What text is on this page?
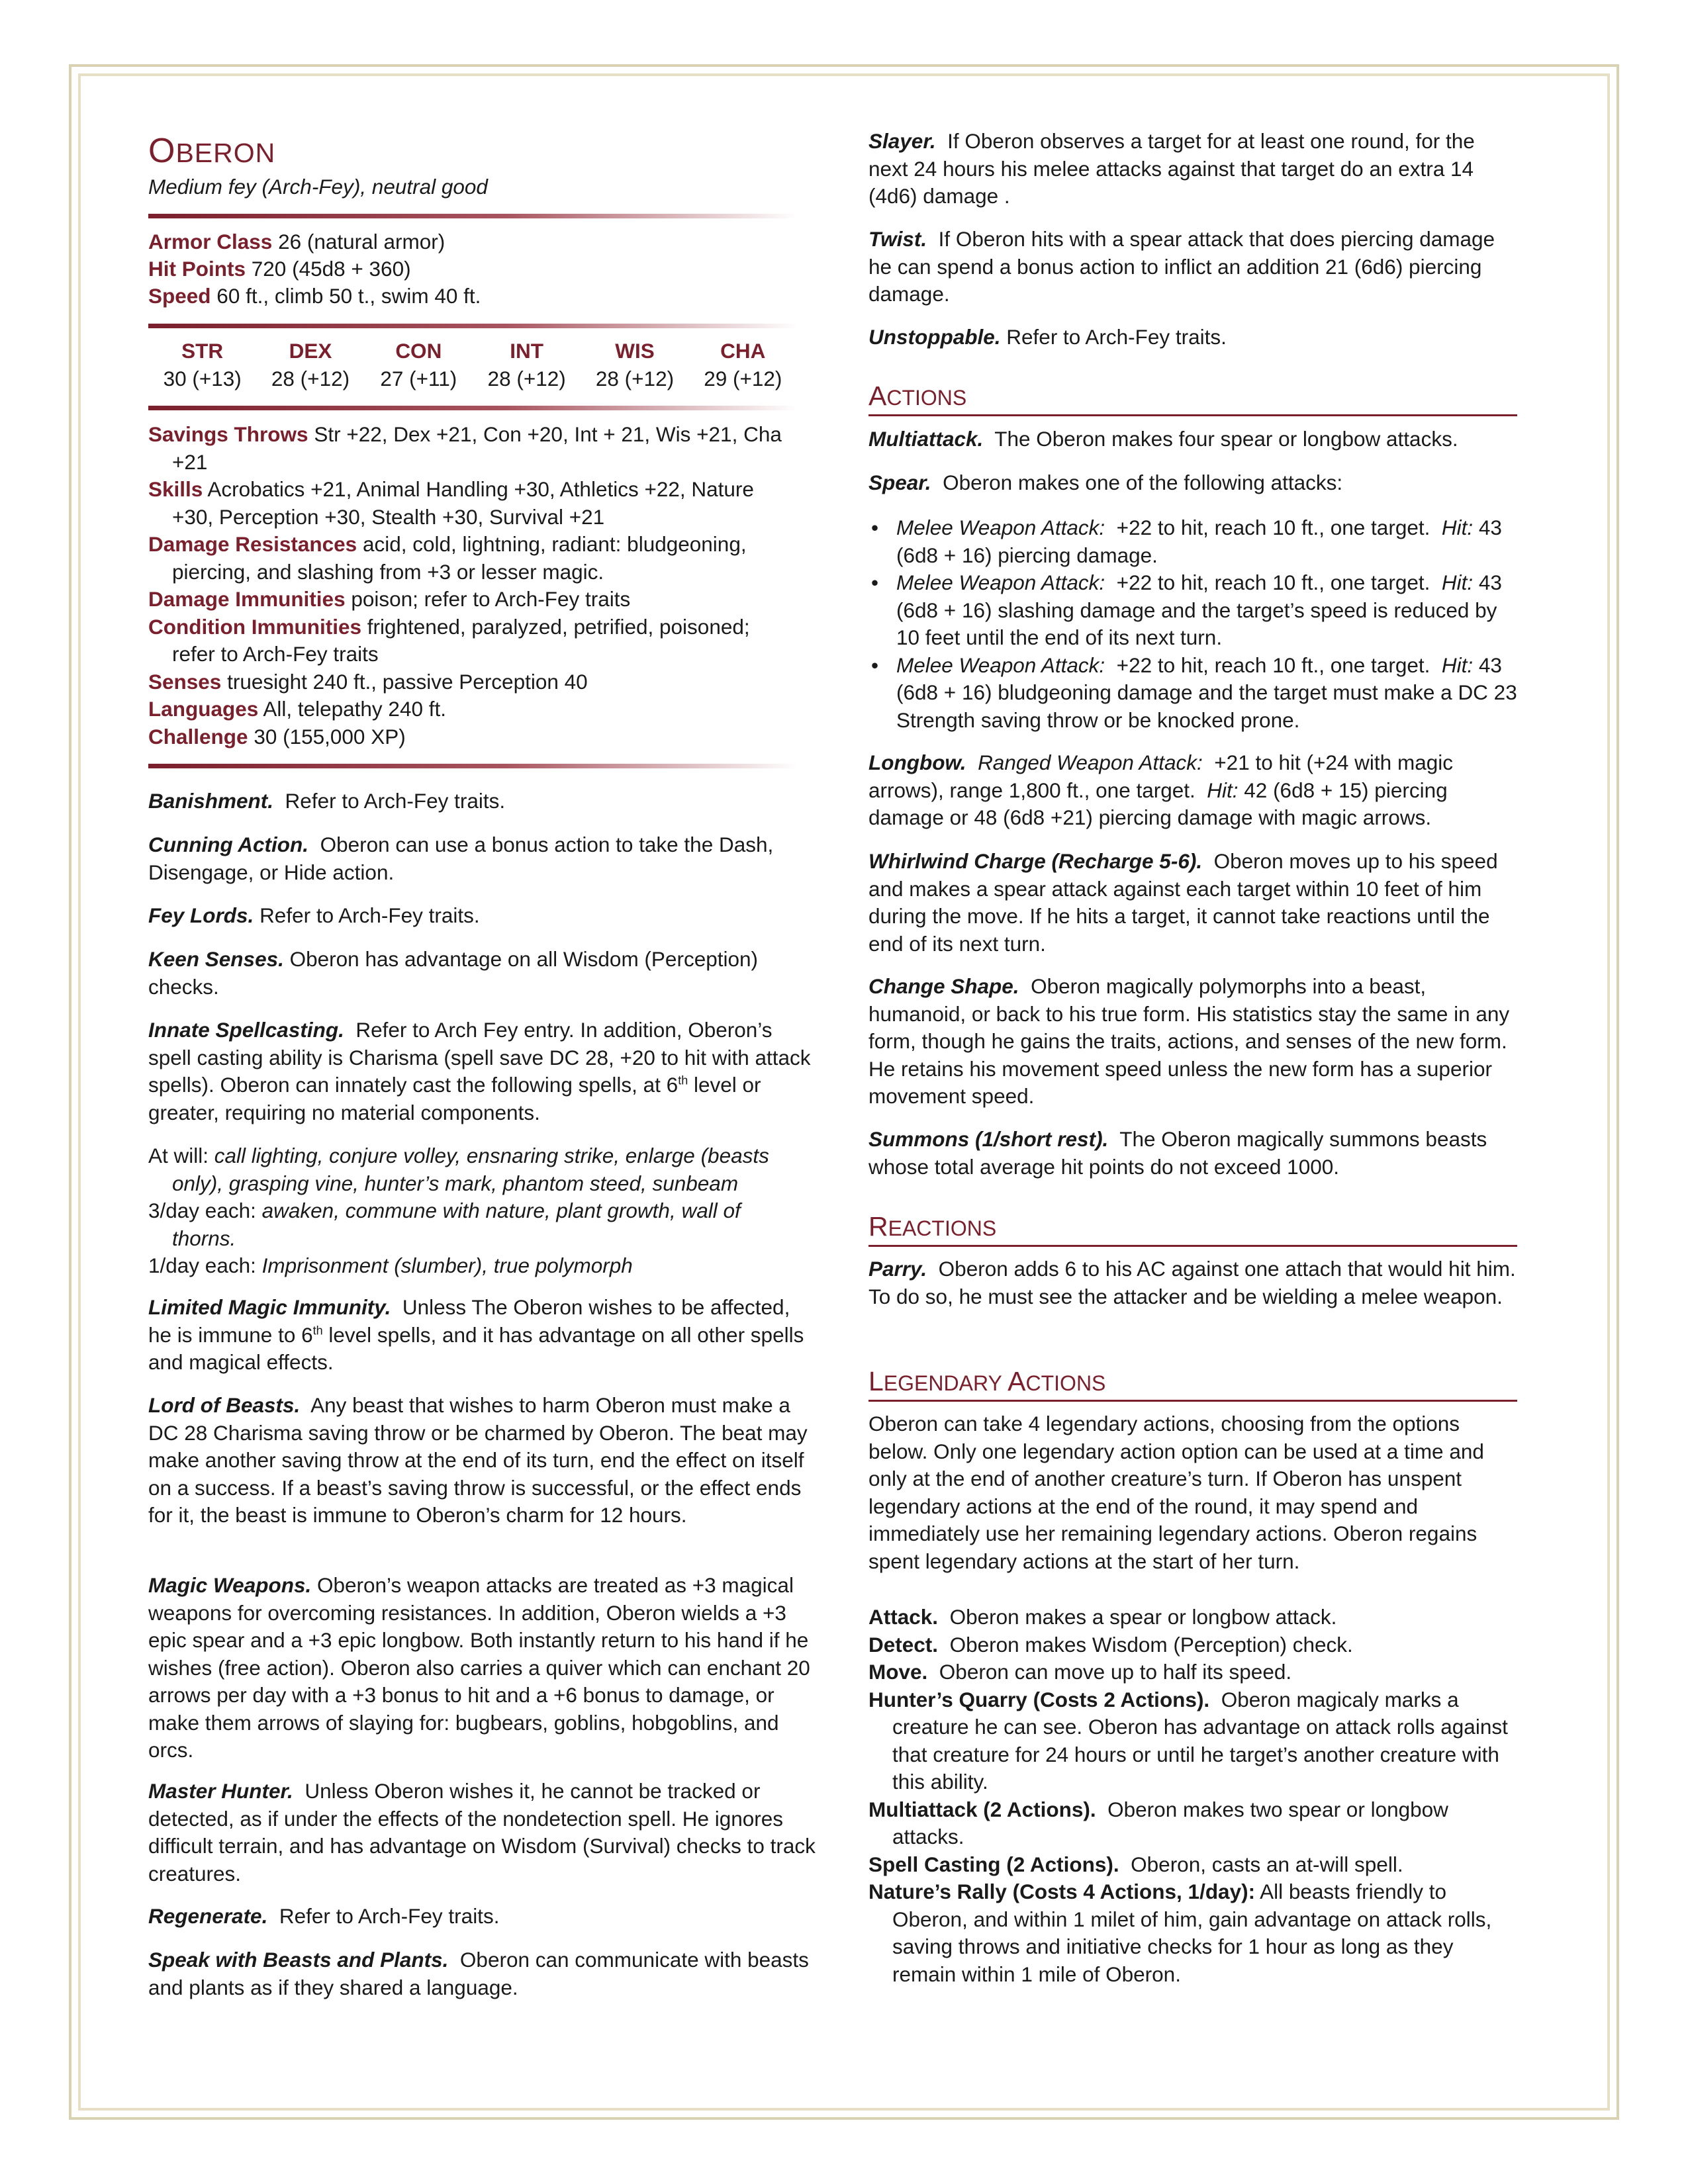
OBERON
Medium fey (Arch-Fey), neutral good
Armor Class 26 (natural armor)
Hit Points 720 (45d8 + 360)
Speed 60 ft., climb 50 t., swim 40 ft.
STR	DEX	CON	INT	WIS	CHA
30 (+13)	28 (+12)	27 (+11)	28 (+12)	28 (+12)	29 (+12)
Savings Throws Str +22, Dex +21, Con +20, Int + 21, Wis +21, Cha +21
Skills Acrobatics +21, Animal Handling +30, Athletics +22, Nature +30, Perception +30, Stealth +30, Survival +21
Damage Resistances acid, cold, lightning, radiant: bludgeoning, piercing, and slashing from +3 or lesser magic.
Damage Immunities poison; refer to Arch-Fey traits
Condition Immunities frightened, paralyzed, petrified, poisoned; refer to Arch-Fey traits
Senses truesight 240 ft., passive Perception 40
Languages All, telepathy 240 ft.
Challenge 30 (155,000 XP)

Banishment. Refer to Arch-Fey traits.

Cunning Action. Oberon can use a bonus action to take the Dash, Disengage, or Hide action.

Fey Lords. Refer to Arch-Fey traits.

Keen Senses. Oberon has advantage on all Wisdom (Perception) checks.

Innate Spellcasting. Refer to Arch Fey entry. In addition, Oberon’s spell casting ability is Charisma (spell save DC 28, +20 to hit with attack spells). Oberon can innately cast the following spells, at 6th level or greater, requiring no material components.

At will: call lighting, conjure volley, ensnaring strike, enlarge (beasts only), grasping vine, hunter’s mark, phantom steed, sunbeam
3/day each: awaken, commune with nature, plant growth, wall of thorns.
1/day each: Imprisonment (slumber), true polymorph

Limited Magic Immunity. Unless The Oberon wishes to be affected, he is immune to 6th level spells, and it has advantage on all other spells and magical effects.

Lord of Beasts. Any beast that wishes to harm Oberon must make a DC 28 Charisma saving throw or be charmed by Oberon. The beat may make another saving throw at the end of its turn, end the effect on itself on a success. If a beast’s saving throw is successful, or the effect ends for it, the beast is immune to Oberon’s charm for 12 hours.

Magic Weapons. Oberon’s weapon attacks are treated as +3 magical weapons for overcoming resistances. In addition, Oberon wields a +3 epic spear and a +3 epic longbow. Both instantly return to his hand if he wishes (free action). Oberon also carries a quiver which can enchant 20 arrows per day with a +3 bonus to hit and a +6 bonus to damage, or make them arrows of slaying for: bugbears, goblins, hobgoblins, and orcs.

Master Hunter. Unless Oberon wishes it, he cannot be tracked or detected, as if under the effects of the nondetection spell. He ignores difficult terrain, and has advantage on Wisdom (Survival) checks to track creatures.

Regenerate. Refer to Arch-Fey traits.

Speak with Beasts and Plants. Oberon can communicate with beasts and plants as if they shared a language.

Slayer. If Oberon observes a target for at least one round, for the next 24 hours his melee attacks against that target do an extra 14 (4d6) damage .

Twist. If Oberon hits with a spear attack that does piercing damage he can spend a bonus action to inflict an addition 21 (6d6) piercing damage.

Unstoppable. Refer to Arch-Fey traits.

ACTIONS

Multiattack. The Oberon makes four spear or longbow attacks.

Spear. Oberon makes one of the following attacks:

• Melee Weapon Attack:  +22 to hit, reach 10 ft., one target.  Hit: 43 (6d8 + 16) piercing damage.
• Melee Weapon Attack:  +22 to hit, reach 10 ft., one target.  Hit: 43 (6d8 + 16) slashing damage and the target’s speed is reduced by 10 feet until the end of its next turn.
• Melee Weapon Attack:  +22 to hit, reach 10 ft., one target.  Hit: 43 (6d8 + 16) bludgeoning damage and the target must make a DC 23 Strength saving throw or be knocked prone.

Longbow. Ranged Weapon Attack:  +21 to hit (+24 with magic arrows), range 1,800 ft., one target.  Hit: 42 (6d8 + 15) piercing damage or 48 (6d8 +21) piercing damage with magic arrows.

Whirlwind Charge (Recharge 5-6). Oberon moves up to his speed and makes a spear attack against each target within 10 feet of him during the move. If he hits a target, it cannot take reactions until the end of its next turn.

Change Shape. Oberon magically polymorphs into a beast, humanoid, or back to his true form. His statistics stay the same in any form, though he gains the traits, actions, and senses of the new form. He retains his movement speed unless the new form has a superior movement speed.

Summons (1/short rest). The Oberon magically summons beasts whose total average hit points do not exceed 1000.

REACTIONS

Parry. Oberon adds 6 to his AC against one attach that would hit him. To do so, he must see the attacker and be wielding a melee weapon.

LEGENDARY ACTIONS

Oberon can take 4 legendary actions, choosing from the options below. Only one legendary action option can be used at a time and only at the end of another creature’s turn. If Oberon has unspent legendary actions at the end of the round, it may spend and immediately use her remaining legendary actions. Oberon regains spent legendary actions at the start of her turn.

Attack. Oberon makes a spear or longbow attack.
Detect. Oberon makes Wisdom (Perception) check.
Move. Oberon can move up to half its speed.
Hunter’s Quarry (Costs 2 Actions). Oberon magicaly marks a creature he can see. Oberon has advantage on attack rolls against that creature for 24 hours or until he target’s another creature with this ability.
Multiattack (2 Actions). Oberon makes two spear or longbow attacks.
Spell Casting (2 Actions). Oberon, casts an at-will spell.
Nature’s Rally (Costs 4 Actions, 1/day): All beasts friendly to Oberon, and within 1 milet of him, gain advantage on attack rolls, saving throws and initiative checks for 1 hour as long as they remain within 1 mile of Oberon.
